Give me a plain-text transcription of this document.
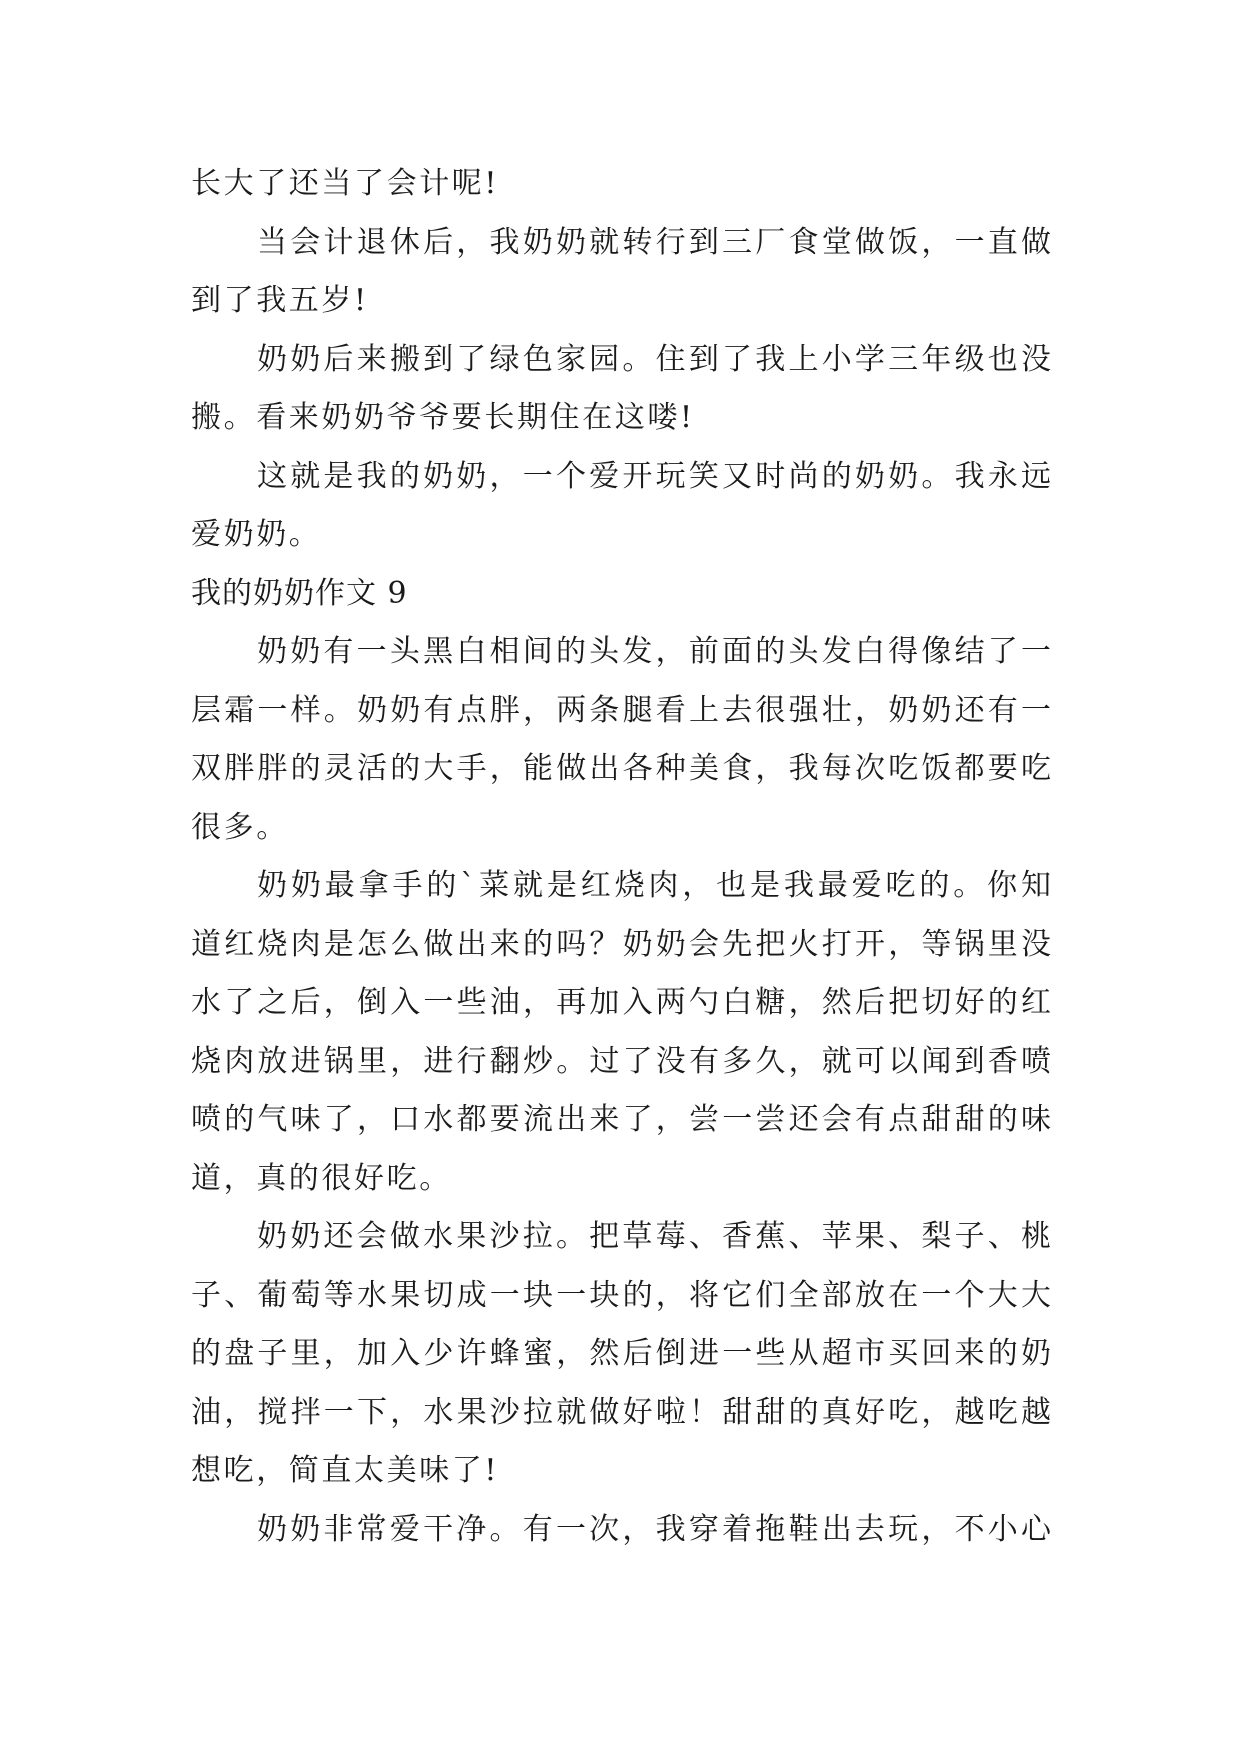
长大了还当了会计呢!
当会计退休后，我奶奶就转行到三厂食堂做饭，一直做
到了我五岁!
奶奶后来搬到了绿色家园。住到了我上小学三年级也没
搬。看来奶奶爷爷要长期住在这喽!
这就是我的奶奶，一个爱开玩笑又时尚的奶奶。我永远
爱奶奶。
我的奶奶作文 9
奶奶有一头黑白相间的头发，前面的头发白得像结了一
层霜一样。奶奶有点胖，两条腿看上去很强壮，奶奶还有一
双胖胖的灵活的大手，能做出各种美食，我每次吃饭都要吃
很多。
奶奶最拿手的`菜就是红烧肉，也是我最爱吃的。你知
道红烧肉是怎么做出来的吗？奶奶会先把火打开，等锅里没
水了之后，倒入一些油，再加入两勺白糖，然后把切好的红
烧肉放进锅里，进行翻炒。过了没有多久，就可以闻到香喷
喷的气味了，口水都要流出来了，尝一尝还会有点甜甜的味
道，真的很好吃。
奶奶还会做水果沙拉。把草莓、香蕉、苹果、梨子、桃
子、葡萄等水果切成一块一块的，将它们全部放在一个大大
的盘子里，加入少许蜂蜜，然后倒进一些从超市买回来的奶
油，搅拌一下，水果沙拉就做好啦！甜甜的真好吃，越吃越
想吃，简直太美味了!
奶奶非常爱干净。有一次，我穿着拖鞋出去玩，不小心
